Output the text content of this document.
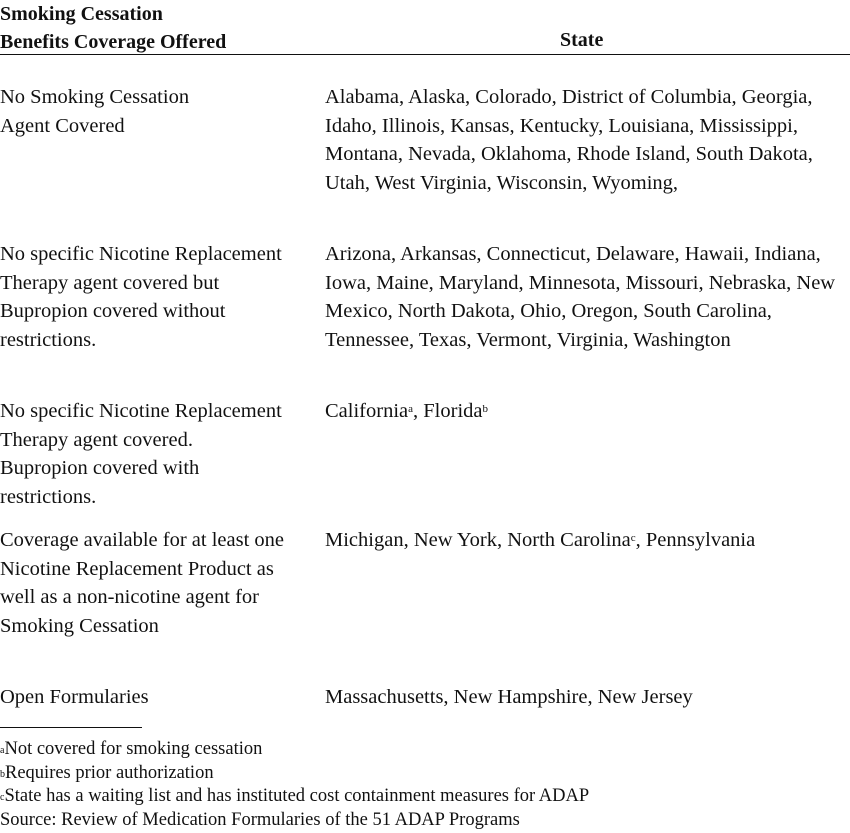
Smoking Cessation
Benefits Coverage Offered	State
No Smoking Cessation Agent Covered
Alabama, Alaska, Colorado, District of Columbia, Georgia, Idaho, Illinois, Kansas, Kentucky, Louisiana, Mississippi, Montana, Nevada, Oklahoma, Rhode Island, South Dakota, Utah, West Virginia, Wisconsin, Wyoming,
No specific Nicotine Replacement Therapy agent covered but Bupropion covered without restrictions.
Arizona, Arkansas, Connecticut, Delaware, Hawaii, Indiana, Iowa, Maine, Maryland, Minnesota, Missouri, Nebraska, New Mexico, North Dakota, Ohio, Oregon, South Carolina, Tennessee, Texas, Vermont, Virginia, Washington
No specific Nicotine Replacement Therapy agent covered. Bupropion covered with restrictions.
California$^a$, Florida$^b$
Coverage available for at least one Nicotine Replacement Product as well as a non-nicotine agent for Smoking Cessation
Michigan, New York, North Carolina$^c$, Pennsylvania
Open Formularies	Massachusetts, New Hampshire, New Jersey
$^a$Not covered for smoking cessation
$^b$Requires prior authorization
$^c$State has a waiting list and has instituted cost containment measures for ADAP
Source: Review of Medication Formularies of the 51 ADAP Programs
